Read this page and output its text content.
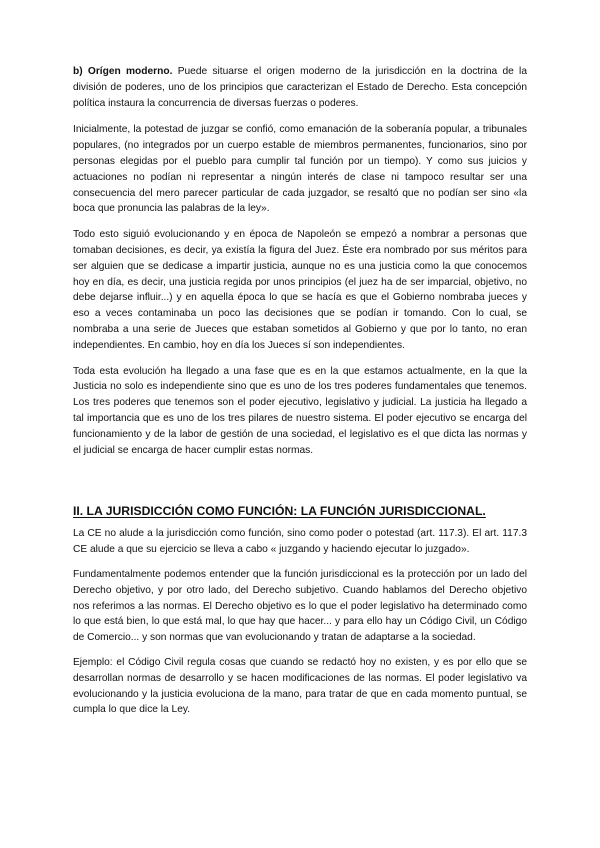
b) Orígen moderno. Puede situarse el origen moderno de la jurisdicción en la doctrina de la división de poderes, uno de los principios que caracterizan el Estado de Derecho. Esta concepción política instaura la concurrencia de diversas fuerzas o poderes.

Inicialmente, la potestad de juzgar se confió, como emanación de la soberanía popular, a tribunales populares, (no integrados por un cuerpo estable de miembros permanentes, funcionarios, sino por personas elegidas por el pueblo para cumplir tal función por un tiempo). Y como sus juicios y actuaciones no podían ni representar a ningún interés de clase ni tampoco resultar ser una consecuencia del mero parecer particular de cada juzgador, se resaltó que no podían ser sino «la boca que pronuncia las palabras de la ley».

Todo esto siguió evolucionando y en época de Napoleón se empezó a nombrar a personas que tomaban decisiones, es decir, ya existía la figura del Juez. Éste era nombrado por sus méritos para ser alguien que se dedicase a impartir justicia, aunque no es una justicia como la que conocemos hoy en día, es decir, una justicia regida por unos principios (el juez ha de ser imparcial, objetivo, no debe dejarse influir...) y en aquella época lo que se hacía es que el Gobierno nombraba jueces y eso a veces contaminaba un poco las decisiones que se podían ir tomando. Con lo cual, se nombraba a una serie de Jueces que estaban sometidos al Gobierno y que por lo tanto, no eran independientes. En cambio, hoy en día los Jueces sí son independientes.

Toda esta evolución ha llegado a una fase que es en la que estamos actualmente, en la que la Justicia no solo es independiente sino que es uno de los tres poderes fundamentales que tenemos. Los tres poderes que tenemos son el poder ejecutivo, legislativo y judicial. La justicia ha llegado a tal importancia que es uno de los tres pilares de nuestro sistema. El poder ejecutivo se encarga del funcionamiento y de la labor de gestión de una sociedad, el legislativo es el que dicta las normas y el judicial se encarga de hacer cumplir estas normas.

II. LA JURISDICCIÓN COMO FUNCIÓN: LA FUNCIÓN JURISDICCIONAL.

La CE no alude a la jurisdicción como función, sino como poder o potestad (art. 117.3). El art. 117.3 CE alude a que su ejercicio se lleva a cabo « juzgando y haciendo ejecutar lo juzgado».

Fundamentalmente podemos entender que la función jurisdiccional es la protección por un lado del Derecho objetivo, y por otro lado, del Derecho subjetivo. Cuando hablamos del Derecho objetivo nos referimos a las normas. El Derecho objetivo es lo que el poder legislativo ha determinado como lo que está bien, lo que está mal, lo que hay que hacer... y para ello hay un Código Civil, un Código de Comercio... y son normas que van evolucionando y tratan de adaptarse a la sociedad.

Ejemplo: el Código Civil regula cosas que cuando se redactó hoy no existen, y es por ello que se desarrollan normas de desarrollo y se hacen modificaciones de las normas. El poder legislativo va evolucionando y la justicia evoluciona de la mano, para tratar de que en cada momento puntual, se cumpla lo que dice la Ley.
